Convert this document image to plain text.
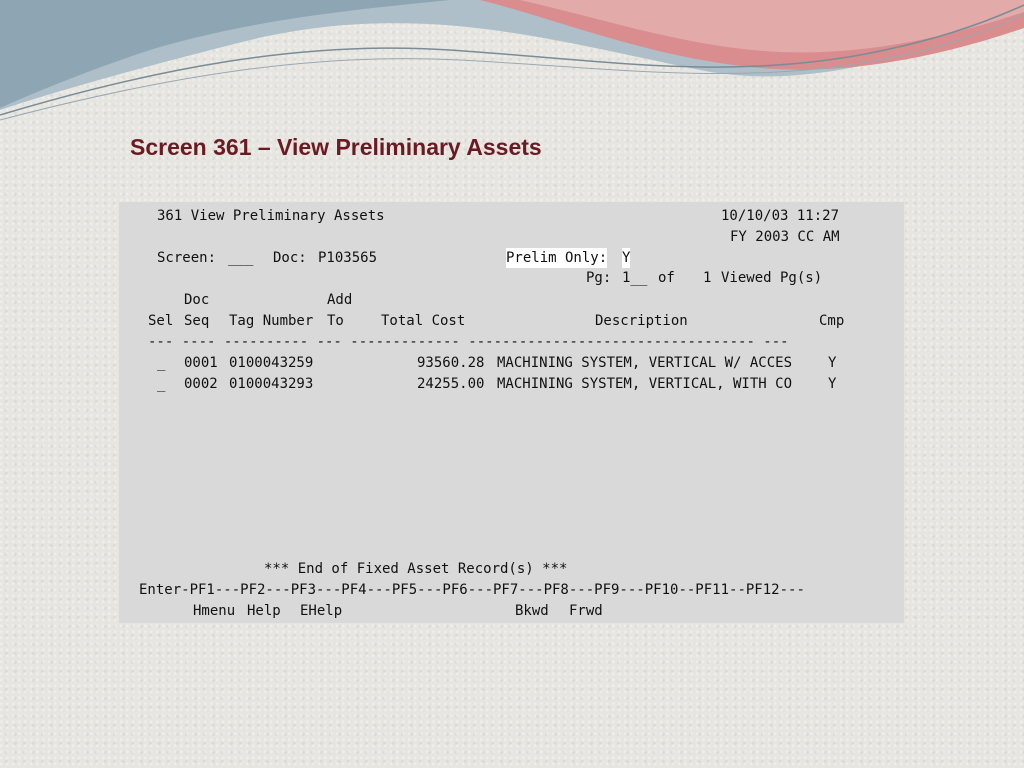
Screen 361 – View Preliminary Assets
361 View Preliminary Assets	10/10/03 11:27
FY 2003 CC AM
Screen: ___ Doc: P103565	Prelim Only: Y
Pg: 1__ of 1 Viewed Pg(s)
Doc	Add
Sel Seq Tag Number To	Total Cost	Description	Cmp
--- ---- ---------- --- ------------- ---------------------------------- ---
_ 0001 0100043259	93560.28 MACHINING SYSTEM, VERTICAL W/ ACCES	Y
_ 0002 0100043293	24255.00 MACHINING SYSTEM, VERTICAL, WITH CO	Y
*** End of Fixed Asset Record(s) ***
Enter-PF1---PF2---PF3---PF4---PF5---PF6---PF7---PF8---PF9---PF10--PF11--PF12---
Hmenu Help EHelp	Bkwd Frwd
